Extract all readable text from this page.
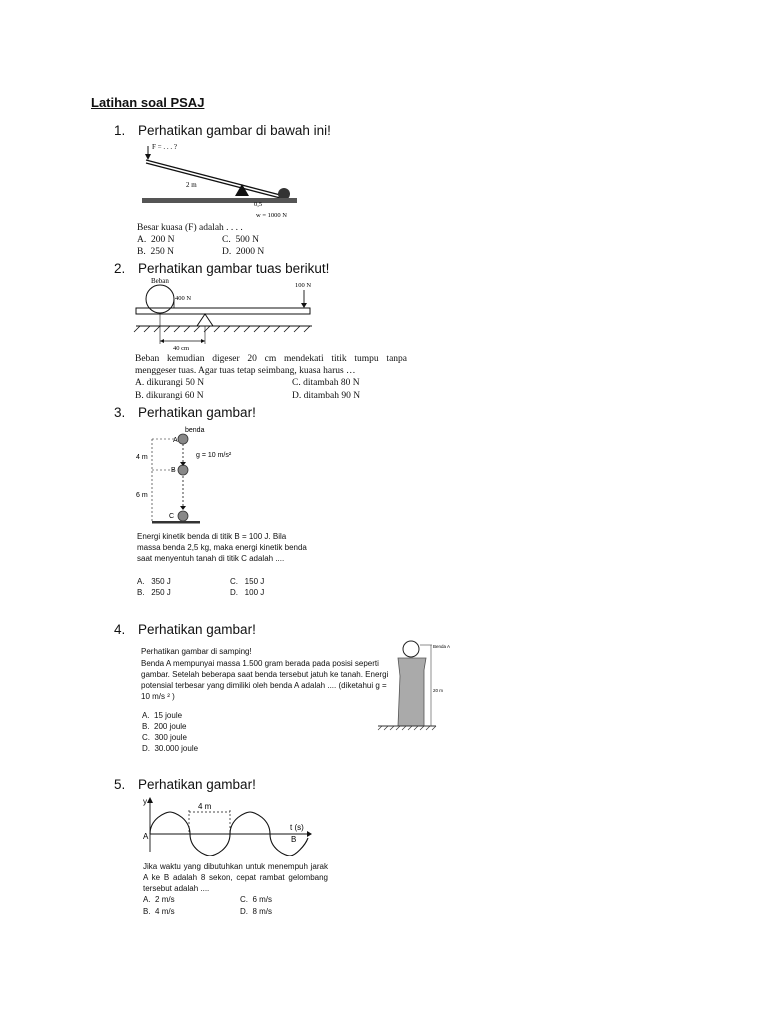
Latihan soal PSAJ
1. Perhatikan gambar di bawah ini!
F = . . . ?
2 m
0,5
w = 1000 N
Besar kuasa (F) adalah . . . .
A. 200 N	C. 500 N
B. 250 N	D. 2000 N
2. Perhatikan gambar tuas berikut!
Beban
400 N
100 N
40 cm
Beban kemudian digeser 20 cm mendekati titik tumpu tanpa menggeser tuas. Agar tuas tetap seimbang, kuasa harus …
A. dikurangi 50 N	C. ditambah 80 N
B. dikurangi 60 N	D. ditambah 90 N
3. Perhatikan gambar!
benda
A
B
C
4 m
6 m
g = 10 m/s²
Energi kinetik benda di titik B = 100 J. Bila massa benda 2,5 kg, maka energi kinetik benda saat menyentuh tanah di titik C adalah ....
A. 350 J	C. 150 J
B. 250 J	D. 100 J
4. Perhatikan gambar!
Perhatikan gambar di samping!
Benda A mempunyai massa 1.500 gram berada pada posisi seperti gambar. Setelah beberapa saat benda tersebut jatuh ke tanah. Energi potensial terbesar yang dimiliki oleh benda A adalah .... (diketahui g = 10 m/s ² )
A. 15 joule
B. 200 joule
C. 300 joule
D. 30.000 joule
Benda A
20 m
5. Perhatikan gambar!
y
4 m
t (s)
A	B
Jika waktu yang dibutuhkan untuk menempuh jarak A ke B adalah 8 sekon, cepat rambat gelombang tersebut adalah ....
A. 2 m/s	C. 6 m/s
B. 4 m/s	D. 8 m/s
